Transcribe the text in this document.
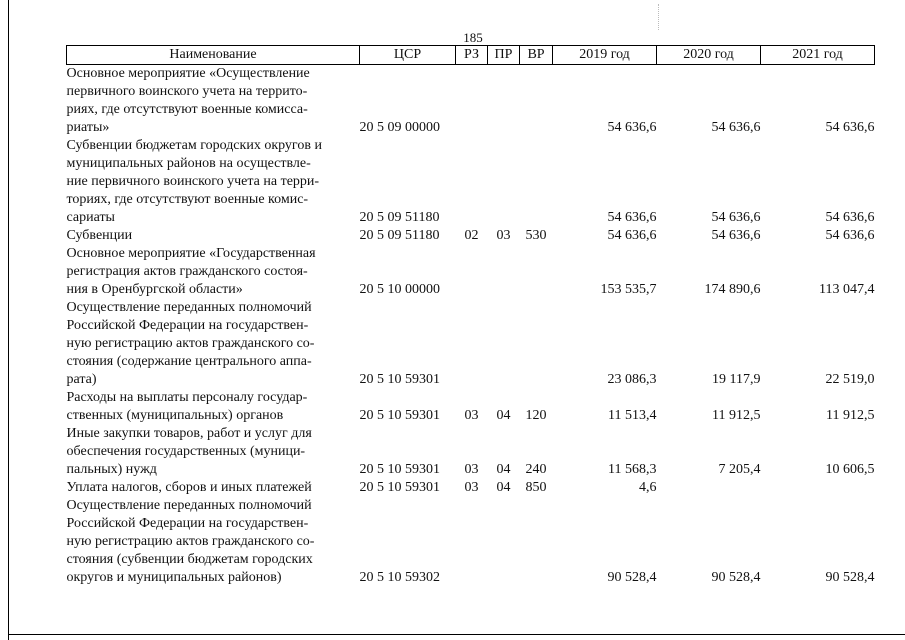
185
Наименование	ЦСР	РЗ	ПР	ВР	2019 год	2020 год	2021 год
Основное мероприятие «Осуществление
первичного воинского учета на террито-
риях, где отсутствуют военные комисса-
риаты»	20 5 09 00000				54 636,6	54 636,6	54 636,6
Субвенции бюджетам городских округов и
муниципальных районов на осуществле-
ние первичного воинского учета на терри-
ториях, где отсутствуют военные комис-
сариаты	20 5 09 51180				54 636,6	54 636,6	54 636,6
Субвенции	20 5 09 51180	02	03	530	54 636,6	54 636,6	54 636,6
Основное мероприятие «Государственная
регистрация актов гражданского состоя-
ния в Оренбургской области»	20 5 10 00000				153 535,7	174 890,6	113 047,4
Осуществление переданных полномочий
Российской Федерации на государствен-
ную регистрацию актов гражданского со-
стояния (содержание центрального аппа-
рата)	20 5 10 59301				23 086,3	19 117,9	22 519,0
Расходы на выплаты персоналу государ-
ственных (муниципальных) органов	20 5 10 59301	03	04	120	11 513,4	11 912,5	11 912,5
Иные закупки товаров, работ и услуг для
обеспечения государственных (муници-
пальных) нужд	20 5 10 59301	03	04	240	11 568,3	7 205,4	10 606,5
Уплата налогов, сборов и иных платежей	20 5 10 59301	03	04	850	4,6		
Осуществление переданных полномочий
Российской Федерации на государствен-
ную регистрацию актов гражданского со-
стояния (субвенции бюджетам городских
округов и муниципальных районов)	20 5 10 59302				90 528,4	90 528,4	90 528,4
